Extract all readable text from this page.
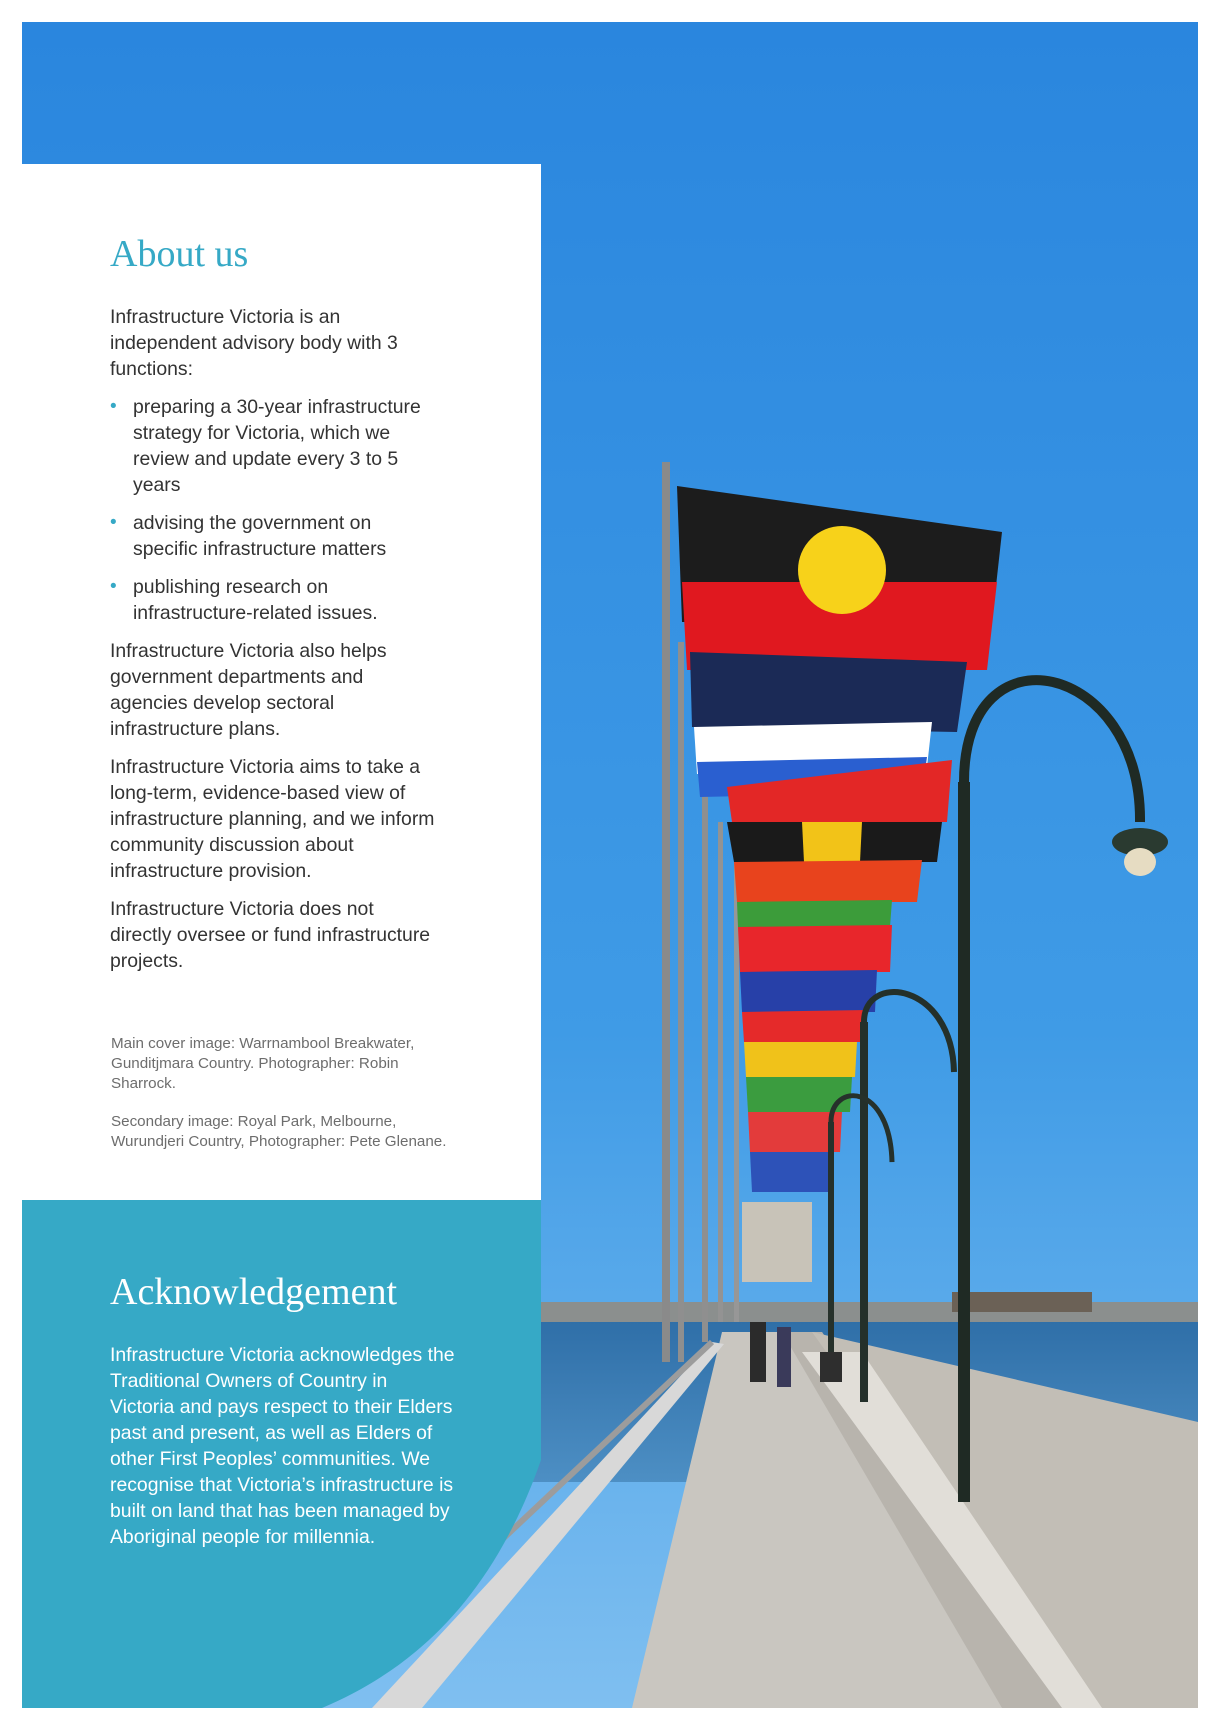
About us

Infrastructure Victoria is an independent advisory body with 3 functions:

• preparing a 30-year infrastructure strategy for Victoria, which we review and update every 3 to 5 years
• advising the government on specific infrastructure matters
• publishing research on infrastructure-related issues.

Infrastructure Victoria also helps government departments and agencies develop sectoral infrastructure plans.

Infrastructure Victoria aims to take a long-term, evidence-based view of infrastructure planning, and we inform community discussion about infrastructure provision.

Infrastructure Victoria does not directly oversee or fund infrastructure projects.

Main cover image: Warrnambool Breakwater, Gunditjmara Country. Photographer: Robin Sharrock.

Secondary image: Royal Park, Melbourne, Wurundjeri Country, Photographer: Pete Glenane.

Acknowledgement

Infrastructure Victoria acknowledges the Traditional Owners of Country in Victoria and pays respect to their Elders past and present, as well as Elders of other First Peoples’ communities. We recognise that Victoria’s infrastructure is built on land that has been managed by Aboriginal people for millennia.
